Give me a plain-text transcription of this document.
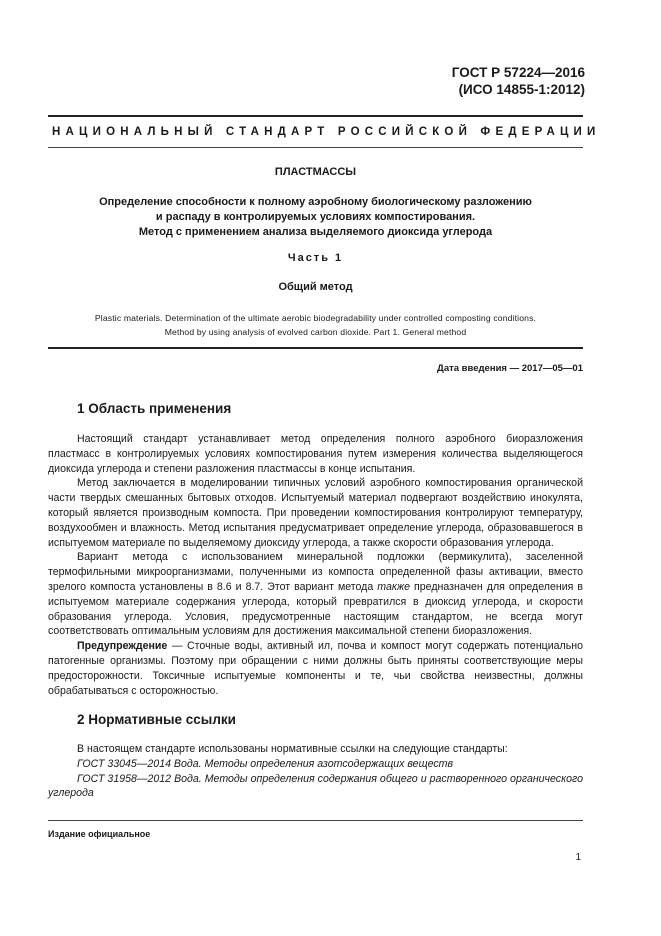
ГОСТ Р 57224—2016
(ИСО 14855-1:2012)
НАЦИОНАЛЬНЫЙ СТАНДАРТ РОССИЙСКОЙ ФЕДЕРАЦИИ
ПЛАСТМАССЫ
Определение способности к полному аэробному биологическому разложению
и распаду в контролируемых условиях компостирования.
Метод с применением анализа выделяемого диоксида углерода
Часть 1
Общий метод
Plastic materials. Determination of the ultimate aerobic biodegradability under controlled composting conditions.
Method by using analysis of evolved carbon dioxide. Part 1. General method
Дата введения — 2017—05—01
1 Область применения

Настоящий стандарт устанавливает метод определения полного аэробного биоразложения пластмасс в контролируемых условиях компостирования путем измерения количества выделяющегося диоксида углерода и степени разложения пластмассы в конце испытания.

Метод заключается в моделировании типичных условий аэробного компостирования органической части твердых смешанных бытовых отходов. Испытуемый материал подвергают воздействию инокулята, который является производным компоста. При проведении компостирования контролируют температуру, воздухообмен и влажность. Метод испытания предусматривает определение углерода, образовавшегося в испытуемом материале по выделяемому диоксиду углерода, а также скорости образования углерода.

Вариант метода с использованием минеральной подложки (вермикулита), заселенной термофильными микроорганизмами, полученными из компоста определенной фазы активации, вместо зрелого компоста установлены в 8.6 и 8.7. Этот вариант метода также предназначен для определения в испытуемом материале содержания углерода, который превратился в диоксид углерода, и скорости образования углерода. Условия, предусмотренные настоящим стандартом, не всегда могут соответствовать оптимальным условиям для достижения максимальной степени биоразложения.

Предупреждение — Сточные воды, активный ил, почва и компост могут содержать потенциально патогенные организмы. Поэтому при обращении с ними должны быть приняты соответствующие меры предосторожности. Токсичные испытуемые компоненты и те, чьи свойства неизвестны, должны обрабатываться с осторожностью.

2 Нормативные ссылки

В настоящем стандарте использованы нормативные ссылки на следующие стандарты:

ГОСТ 33045—2014 Вода. Методы определения азотсодержащих веществ

ГОСТ 31958—2012 Вода. Методы определения содержания общего и растворенного органического углерода

Издание официальное
1
